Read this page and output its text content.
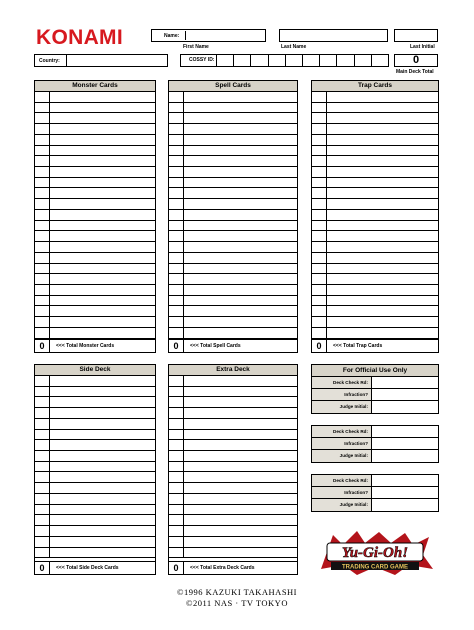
KONAMI	Name:
First Name	Last Name	Last Initial
Country:	COSSY ID:	0
Main Deck Total
Monster Cards
0	<<< Total Monster Cards
Spell Cards
0	<<< Total Spell Cards
Trap Cards
0	<<< Total Trap Cards
Side Deck
0	<<< Total Side Deck Cards
Extra Deck
0	<<< Total Extra Deck Cards
For Official Use Only
Deck Check Rd:
Infraction?
Judge Initial:
Deck Check Rd:
Infraction?
Judge Initial:
Deck Check Rd:
Infraction?
Judge Initial:
Yu-Gi-Oh!
TRADING CARD GAME
©1996 KAZUKI TAKAHASHI
©2011 NAS · TV TOKYO
